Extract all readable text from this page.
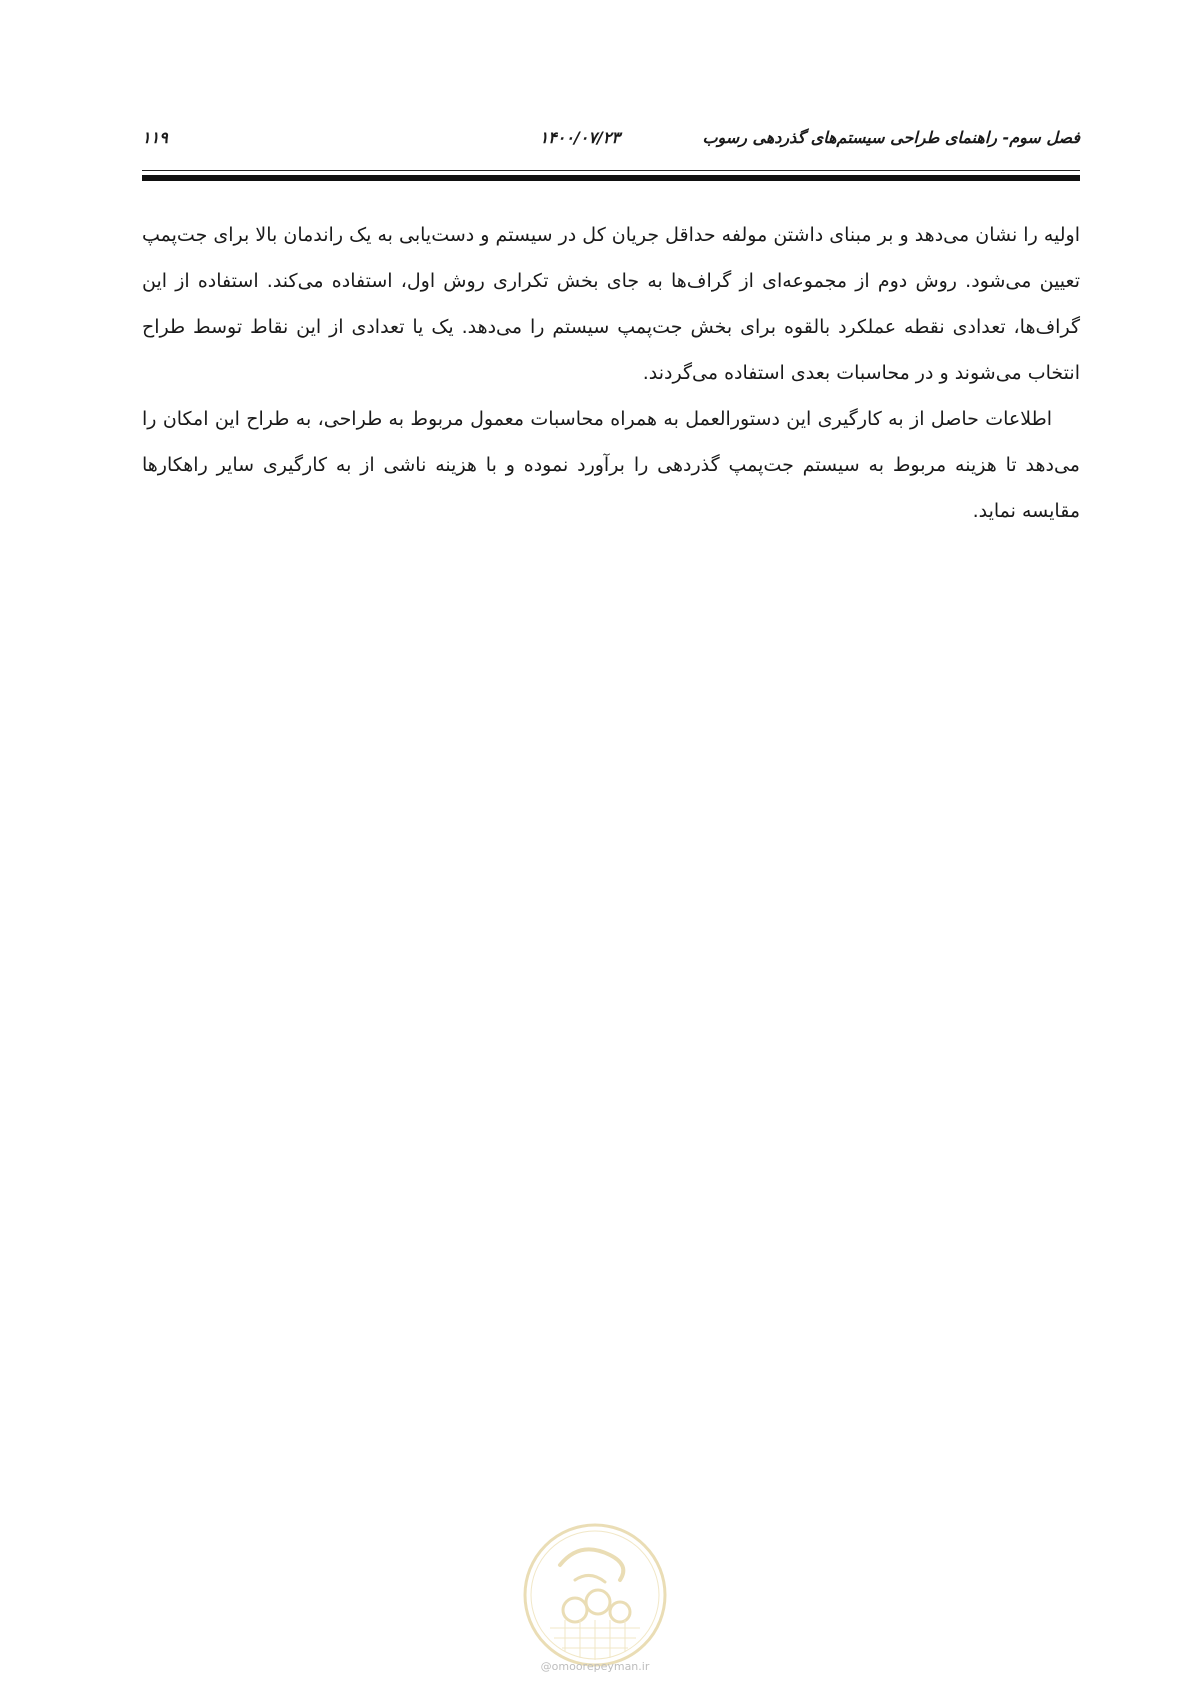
فصل سوم- راهنمای طراحی سیستم‌های گذردهی رسوب
۱۴۰۰/۰۷/۲۳
۱۱۹

اولیه را نشان می‌دهد و بر مبنای داشتن مولفه حداقل جریان کل در سیستم و دست‌یابی به یک راندمان بالا برای جت‌پمپ تعیین می‌شود. روش دوم از مجموعه‌ای از گراف‌ها به جای بخش تکراری روش اول، استفاده می‌کند. استفاده از این گراف‌ها، تعدادی نقطه عملکرد بالقوه برای بخش جت‌پمپ سیستم را می‌دهد. یک یا تعدادی از این نقاط توسط طراح انتخاب می‌شوند و در محاسبات بعدی استفاده می‌گردند.

اطلاعات حاصل از به کارگیری این دستورالعمل به همراه محاسبات معمول مربوط به طراحی، به طراح این امکان را می‌دهد تا هزینه مربوط به سیستم جت‌پمپ گذردهی را برآورد نموده و با هزینه ناشی از به کارگیری سایر راهکارها مقایسه نماید.

@omoorepeyman.ir
